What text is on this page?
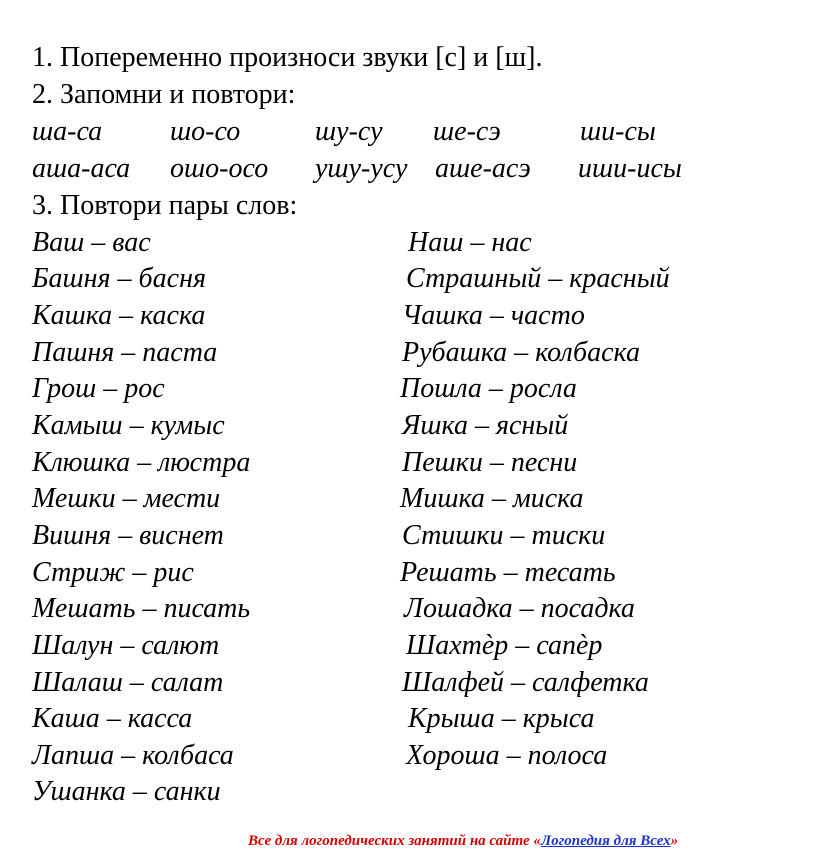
1. Попеременно произноси звуки [с] и [ш].
2. Запомни и повтори:
ша-са шо-со	шу-су ше-сэ	ши-сы
аша-аса ошо-осо ушу-усу аше-асэ иши-исы
3. Повтори пары слов:
Ваш – вас
Башня – басня
Кашка – каска
Пашня – паста
Грош – рос
Камыш – кумыс
Клюшка – люстра
Мешки – мести
Вишня – виснет
Стриж – рис
Мешать – писать
Шалун – салют
Шалаш – салат
Каша – касса
Лапша – колбаса
Ушанка – санки
Наш – нас
Страшный – красный
Чашка – часто
Рубашка – колбаска
Пошла – росла
Яшка – ясный
Пешки – песни
Мишка – миска
Стишки – тиски
Решать – тесать
Лошадка – посадка
Шахтѐр – сапѐр
Шалфей – салфетка
Крыша – крыса
Хороша – полоса
Все для логопедических занятий на сайте «Логопедия для Всех»
